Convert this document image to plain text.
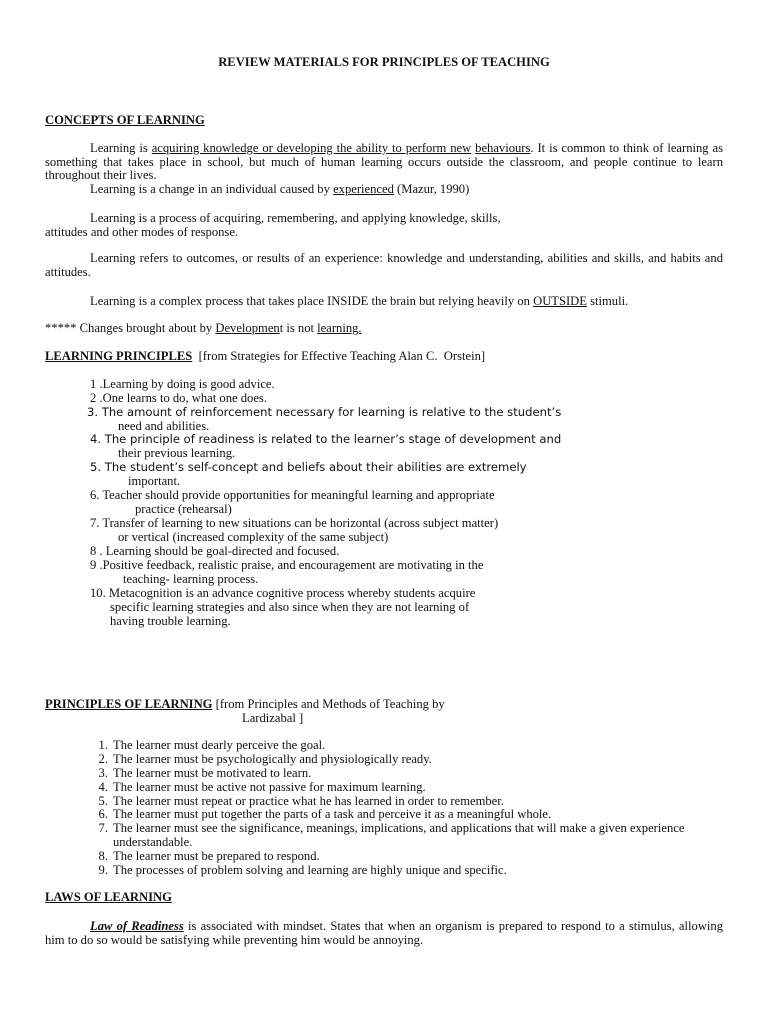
REVIEW MATERIALS FOR PRINCIPLES OF TEACHING
CONCEPTS OF LEARNING
Learning is acquiring knowledge or developing the ability to perform new behaviours. It is common to think of learning as something that takes place in school, but much of human learning occurs outside the classroom, and people continue to learn throughout their lives.
Learning is a change in an individual caused by experienced (Mazur, 1990)
Learning is a process of acquiring, remembering, and applying knowledge, skills,
attitudes and other modes of response.
Learning refers to outcomes, or results of an experience: knowledge and understanding, abilities and skills, and habits and attitudes.
Learning is a complex process that takes place INSIDE the brain but relying heavily on OUTSIDE stimuli.
***** Changes brought about by Development is not learning.
LEARNING PRINCIPLES  [from Strategies for Effective Teaching Alan C.  Orstein]
1 .Learning by doing is good advice.
2 .One learns to do, what one does.
3. The amount of reinforcement necessary for learning is relative to the student’s
need and abilities.
4. The principle of readiness is related to the learner’s stage of development and
their previous learning.
5. The student’s self-concept and beliefs about their abilities are extremely
important.
6. Teacher should provide opportunities for meaningful learning and appropriate
practice (rehearsal)
7. Transfer of learning to new situations can be horizontal (across subject matter)
or vertical (increased complexity of the same subject)
8 . Learning should be goal-directed and focused.
9 .Positive feedback, realistic praise, and encouragement are motivating in the
teaching- learning process.
10. Metacognition is an advance cognitive process whereby students acquire
specific learning strategies and also since when they are not learning of
having trouble learning.
PRINCIPLES OF LEARNING [from Principles and Methods of Teaching by
Lardizabal ]
1. The learner must dearly perceive the goal.
2. The learner must be psychologically and physiologically ready.
3. The learner must be motivated to learn.
4. The learner must be active not passive for maximum learning.
5. The learner must repeat or practice what he has learned in order to remember.
6. The learner must put together the parts of a task and perceive it as a meaningful whole.
7. The learner must see the significance, meanings, implications, and applications that will make a given experience understandable.
8. The learner must be prepared to respond.
9. The processes of problem solving and learning are highly unique and specific.
LAWS OF LEARNING
Law of Readiness is associated with mindset. States that when an organism is prepared to respond to a stimulus, allowing him to do so would be satisfying while preventing him would be annoying.
